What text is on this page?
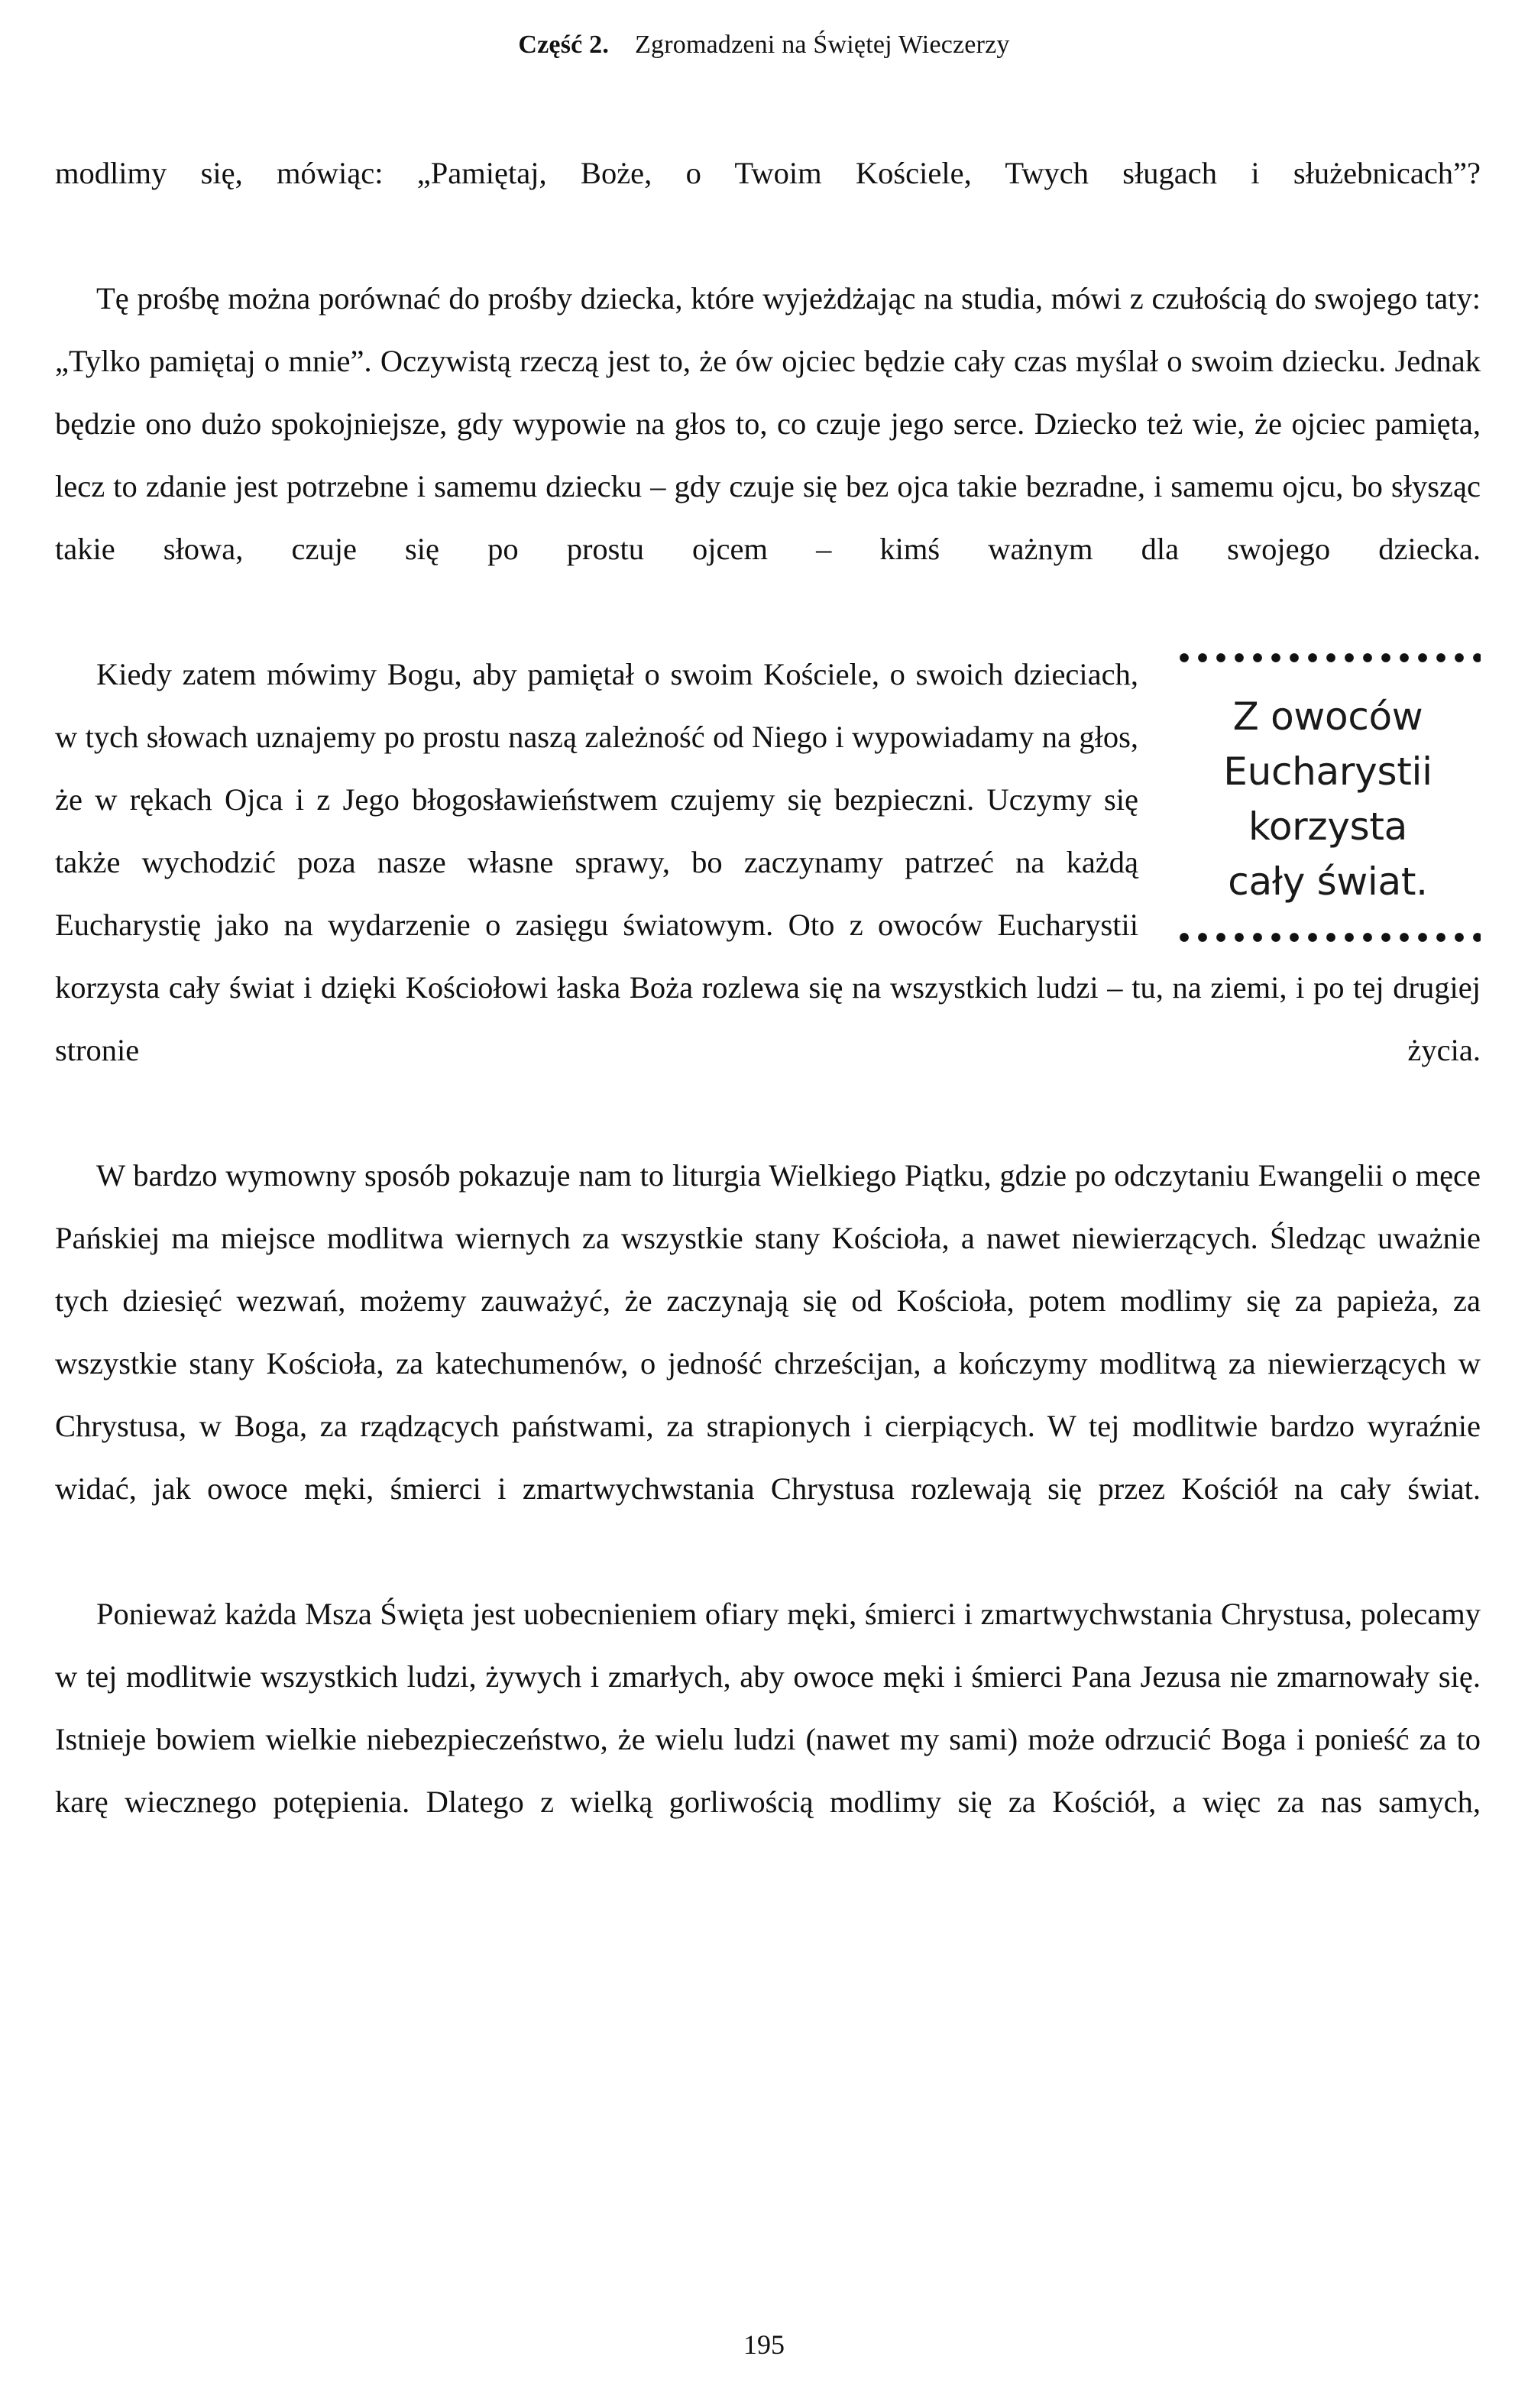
Część 2. Zgromadzeni na Świętej Wieczerzy

modlimy się, mówiąc: „Pamiętaj, Boże, o Twoim Kościele, Twych sługach i służebnicach”?

Tę prośbę można porównać do prośby dziecka, które wyjeżdżając na studia, mówi z czułością do swojego taty: „Tylko pamiętaj o mnie”. Oczywistą rzeczą jest to, że ów ojciec będzie cały czas myślał o swoim dziecku. Jednak będzie ono dużo spokojniejsze, gdy wypowie na głos to, co czuje jego serce. Dziecko też wie, że ojciec pamięta, lecz to zdanie jest potrzebne i samemu dziecku – gdy czuje się bez ojca takie bezradne, i samemu ojcu, bo słysząc takie słowa, czuje się po prostu ojcem – kimś ważnym dla swojego dziecka.

Z owoców
Eucharystii
korzysta
cały świat.

Kiedy zatem mówimy Bogu, aby pamiętał o swoim Kościele, o swoich dzieciach, w tych słowach uznajemy po prostu naszą zależność od Niego i wypowiadamy na głos, że w rękach Ojca i z Jego błogosławieństwem czujemy się bezpieczni. Uczymy się także wychodzić poza nasze własne sprawy, bo zaczynamy patrzeć na każdą Eucharystię jako na wydarzenie o zasięgu światowym. Oto z owoców Eucharystii korzysta cały świat i dzięki Kościołowi łaska Boża rozlewa się na wszystkich ludzi – tu, na ziemi, i po tej drugiej stronie życia.

W bardzo wymowny sposób pokazuje nam to liturgia Wielkiego Piątku, gdzie po odczytaniu Ewangelii o męce Pańskiej ma miejsce modlitwa wiernych za wszystkie stany Kościoła, a nawet niewierzących. Śledząc uważnie tych dziesięć wezwań, możemy zauważyć, że zaczynają się od Kościoła, potem modlimy się za papieża, za wszystkie stany Kościoła, za katechumenów, o jedność chrześcijan, a kończymy modlitwą za niewierzących w Chrystusa, w Boga, za rządzących państwami, za strapionych i cierpiących. W tej modlitwie bardzo wyraźnie widać, jak owoce męki, śmierci i zmartwychwstania Chrystusa rozlewają się przez Kościół na cały świat.

Ponieważ każda Msza Święta jest uobecnieniem ofiary męki, śmierci i zmartwychwstania Chrystusa, polecamy w tej modlitwie wszystkich ludzi, żywych i zmarłych, aby owoce męki i śmierci Pana Jezusa nie zmarnowały się. Istnieje bowiem wielkie niebezpieczeństwo, że wielu ludzi (nawet my sami) może odrzucić Boga i ponieść za to karę wiecznego potępienia. Dlatego z wielką gorliwością modlimy się za Kościół, a więc za nas samych,

195
